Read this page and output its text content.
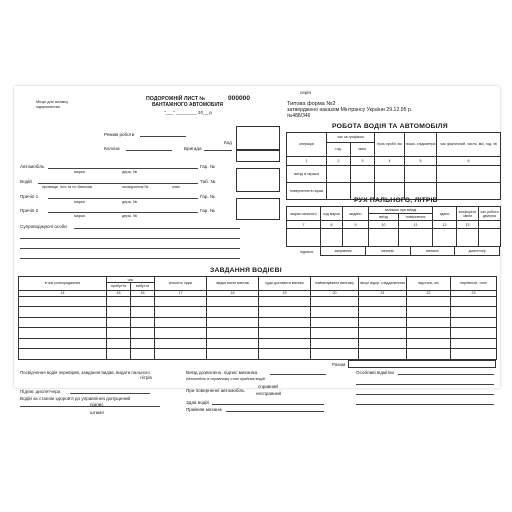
Місце для штампу
підприємства
ПОДОРОЖНІЙ ЛИСТ №	000000
ВАНТАЖНОГО АВТОМОБІЛЯ
"___" ________ 20__ р
серія
Типова форма №2
затверджено наказом Мінтрансу України 29.12.95 р.
№488/346
Код
Режим роботи
Колона	Бригада
Автомобіль
марка	держ. №
Гар. №
Водій
прізвище, ім'я та по батькові	посвідчення №	клас
Таб. №
Причіп 1
марка	держ. №
Гар. №
Причіп 2
марка	держ. №
Гар. №
Супроводжуючі особи
РОБОТА ВОДІЯ ТА АВТОМОБІЛЯ
операція	час за графіком		нуль пробіг, км	показ. спідометра	час фактичний, число, міс, год, хв
	год.	хвил.			
1	2	3	4	5	6
виїзд із гаража					
повернення в гараж					
РУХ ПАЛЬНОГО, ЛІТРІВ
марка пального	код марки	видано	залишок при виїзді		здано	коефіцієнт зміни	час роботи двигуна
			виїзд	повернення			
7	8	9	10	11	12	13	

заправник	механік	механік	диспетчер
підписи
ЗАВДАННЯ ВОДІЄВІ
в чиє розпорядження	час		кількість їздок	звідки взяти вантаж	куди доставити вантаж	найменування вантажу	місце відпр. з віддаленням	відстань, км	перевезти, тонн
	прибуття	вибуття							
14	15	16	17	18	19	20	21	22	23

Разом
Посвідчення водія перевірив, завдання видав, видати пального
літрів
Підпис диспетчера
Водій за станом здоров'я до управління допущений
підпис
штамп
Виїзд дозволено, підпис механіка
Автомобіль в справному стані прийняв водій
При поверненні автомобіль
справний
несправний
Здав водій
Прийняв механік
Особливі відмітки
